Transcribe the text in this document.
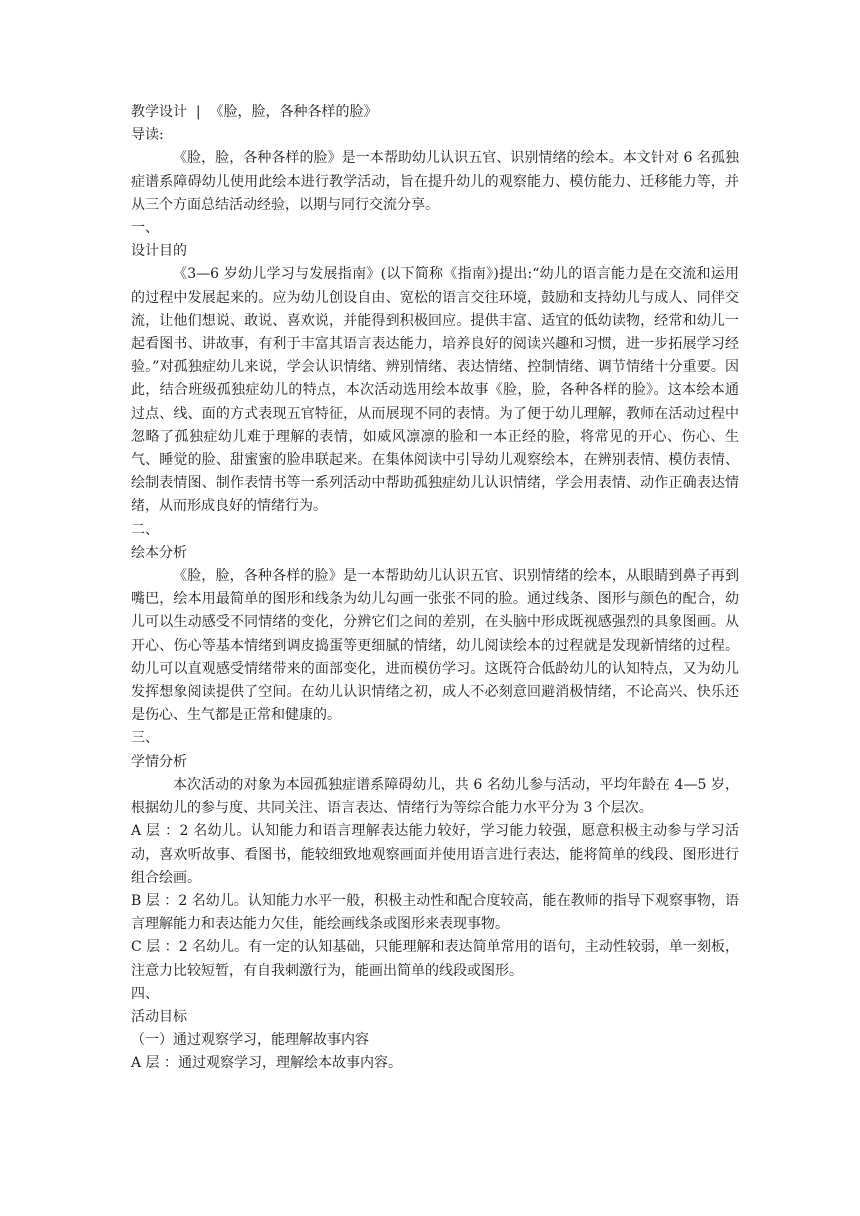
教学设计  |  《脸，脸，各种各样的脸》

导读:

《脸，脸，各种各样的脸》是一本帮助幼儿认识五官、识别情绪的绘本。本文针对 6 名孤独症谱系障碍幼儿使用此绘本进行教学活动，旨在提升幼儿的观察能力、模仿能力、迁移能力等，并从三个方面总结活动经验，以期与同行交流分享。

一、

设计目的

《3—6 岁幼儿学习与发展指南》(以下简称《指南》)提出:“幼儿的语言能力是在交流和运用的过程中发展起来的。应为幼儿创设自由、宽松的语言交往环境，鼓励和支持幼儿与成人、同伴交流，让他们想说、敢说、喜欢说，并能得到积极回应。提供丰富、适宜的低幼读物，经常和幼儿一起看图书、讲故事，有利于丰富其语言表达能力，培养良好的阅读兴趣和习惯，进一步拓展学习经验。”对孤独症幼儿来说，学会认识情绪、辨别情绪、表达情绪、控制情绪、调节情绪十分重要。因此，结合班级孤独症幼儿的特点，本次活动选用绘本故事《脸，脸，各种各样的脸》。这本绘本通过点、线、面的方式表现五官特征，从而展现不同的表情。为了便于幼儿理解，教师在活动过程中忽略了孤独症幼儿难于理解的表情，如威风凛凛的脸和一本正经的脸，将常见的开心、伤心、生气、睡觉的脸、甜蜜蜜的脸串联起来。在集体阅读中引导幼儿观察绘本，在辨别表情、模仿表情、绘制表情图、制作表情书等一系列活动中帮助孤独症幼儿认识情绪，学会用表情、动作正确表达情绪，从而形成良好的情绪行为。

二、

绘本分析

《脸，脸，各种各样的脸》是一本帮助幼儿认识五官、识别情绪的绘本，从眼睛到鼻子再到嘴巴，绘本用最简单的图形和线条为幼儿勾画一张张不同的脸。通过线条、图形与颜色的配合，幼儿可以生动感受不同情绪的变化，分辨它们之间的差别，在头脑中形成既视感强烈的具象图画。从开心、伤心等基本情绪到调皮捣蛋等更细腻的情绪，幼儿阅读绘本的过程就是发现新情绪的过程。幼儿可以直观感受情绪带来的面部变化，进而模仿学习。这既符合低龄幼儿的认知特点，又为幼儿发挥想象阅读提供了空间。在幼儿认识情绪之初，成人不必刻意回避消极情绪，不论高兴、快乐还是伤心、生气都是正常和健康的。

三、

学情分析

本次活动的对象为本园孤独症谱系障碍幼儿，共 6 名幼儿参与活动，平均年龄在 4—5 岁，根据幼儿的参与度、共同关注、语言表达、情绪行为等综合能力水平分为 3 个层次。

A 层 ：2 名幼儿。认知能力和语言理解表达能力较好，学习能力较强，愿意积极主动参与学习活动，喜欢听故事、看图书，能较细致地观察画面并使用语言进行表达，能将简单的线段、图形进行组合绘画。

B 层 ：2 名幼儿。认知能力水平一般，积极主动性和配合度较高，能在教师的指导下观察事物，语言理解能力和表达能力欠佳，能绘画线条或图形来表现事物。

C 层 ：2 名幼儿。有一定的认知基础，只能理解和表达简单常用的语句，主动性较弱，单一刻板，注意力比较短暂，有自我刺激行为，能画出简单的线段或图形。

四、

活动目标

（一）通过观察学习，能理解故事内容

A 层 ：通过观察学习，理解绘本故事内容。
